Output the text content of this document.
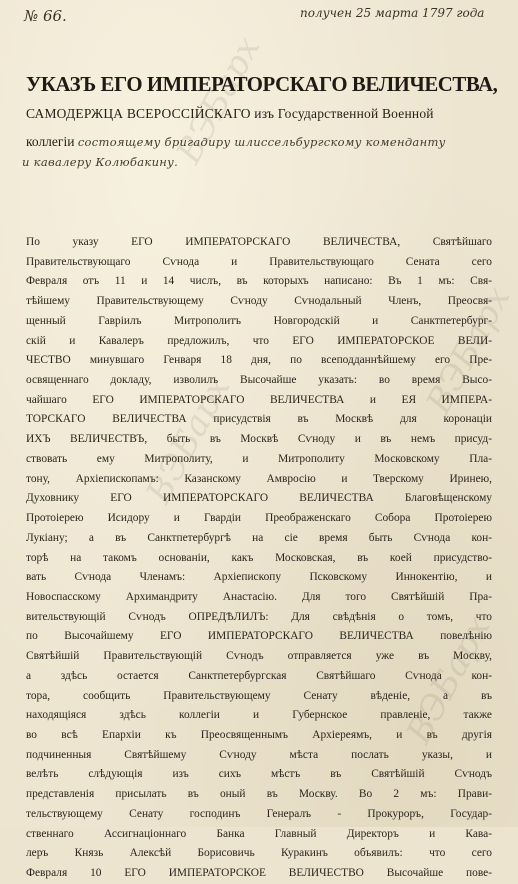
№ 66.	получен 25 марта 1797 года
УКАЗЪ ЕГО ИМПЕРАТОРСКАГО ВЕЛИЧЕСТВА,
САМОДЕРЖЦА ВСЕРОССІЙСКАГО изъ Государственной Военной
коллегіи состоящему бригадиру шлиссельбургскому коменданту
и кавалеру Колюбакину.
По указу ЕГО ИМПЕРАТОРСКАГО ВЕЛИЧЕСТВА, Святѣйшаго
Правительствующаго Сѵнода и Правительствующаго Сената сего
Февраля отъ 11 и 14 числъ, въ которыхъ написано: Въ 1 мъ: Свя-
тѣйшему Правительствующему Сѵноду Сѵнодальный Членъ, Преосвя-
щенный Гавріилъ Митрополитъ Новгородскій и Санктпетербург-
скій и Кавалеръ предложилъ, что ЕГО ИМПЕРАТОРСКОЕ ВЕЛИ-
ЧЕСТВО минувшаго Генваря 18 дня, по всеподданнѣйшему его Пре-
освященнаго докладу, изволилъ Высочайше указать: во время Высо-
чайшаго ЕГО ИМПЕРАТОРСКАГО ВЕЛИЧЕСТВА и ЕЯ ИМПЕРА-
ТОРСКАГО ВЕЛИЧЕСТВА присудствія въ Москвѣ для коронаціи
ИХЪ ВЕЛИЧЕСТВЪ, быть въ Москвѣ Сѵноду и въ немъ присуд-
ствовать ему Митрополиту, и Митрополиту Московскому Пла-
тону, Архіепископамъ: Казанскому Амвросію и Тверскому Иринею,
Духовнику ЕГО ИМПЕРАТОРСКАГО ВЕЛИЧЕСТВА Благовѣщенскому
Протоіерею Исидору и Гвардіи Преображенскаго Собора Протоіерею
Лукіану; а въ Санктпетербургѣ на сіе время быть Сѵнода кон-
торѣ на такомъ основаніи, какъ Московская, въ коей присудство-
вать Сѵнода Членамъ: Архіепископу Псковскому Иннокентію, и
Новоспасскому Архимандриту Анастасію. Для того Святѣйшій Пра-
вительствующій Сѵнодъ ОПРЕДѢЛИЛЪ: Для свѣдѣнія о томъ, что
по Высочайшему ЕГО ИМПЕРАТОРСКАГО ВЕЛИЧЕСТВА повелѣнію
Святѣйшій Правительствующій Сѵнодъ отправляется уже въ Москву,
а здѣсь остается Санктпетербургская Святѣйшаго Сѵнода кон-
тора, сообщить Правительствующему Сенату вѣденіе, а въ
находящіяся здѣсь коллегіи и Губернское правленіе, также
во всѣ Епархіи къ Преосвященнымъ Архіереямъ, и въ другія
подчиненныя Святѣйшему Сѵноду мѣста послать указы, и
велѣть слѣдующія изъ сихъ мѣстъ въ Святѣйшій Сѵнодъ
представленія присылать въ оный въ Москву. Во 2 мъ: Прави-
тельствующему Сенату господинъ Генералъ - Прокуроръ, Государ-
ственнаго Ассигнаціоннаго Банка Главный Директоръ и Кава-
леръ Князь Алексѣй Борисовичь Куракинъ объявилъ: что сего
Февраля 10 ЕГО ИМПЕРАТОРСКОЕ ВЕЛИЧЕСТВО Высочайше пове-
